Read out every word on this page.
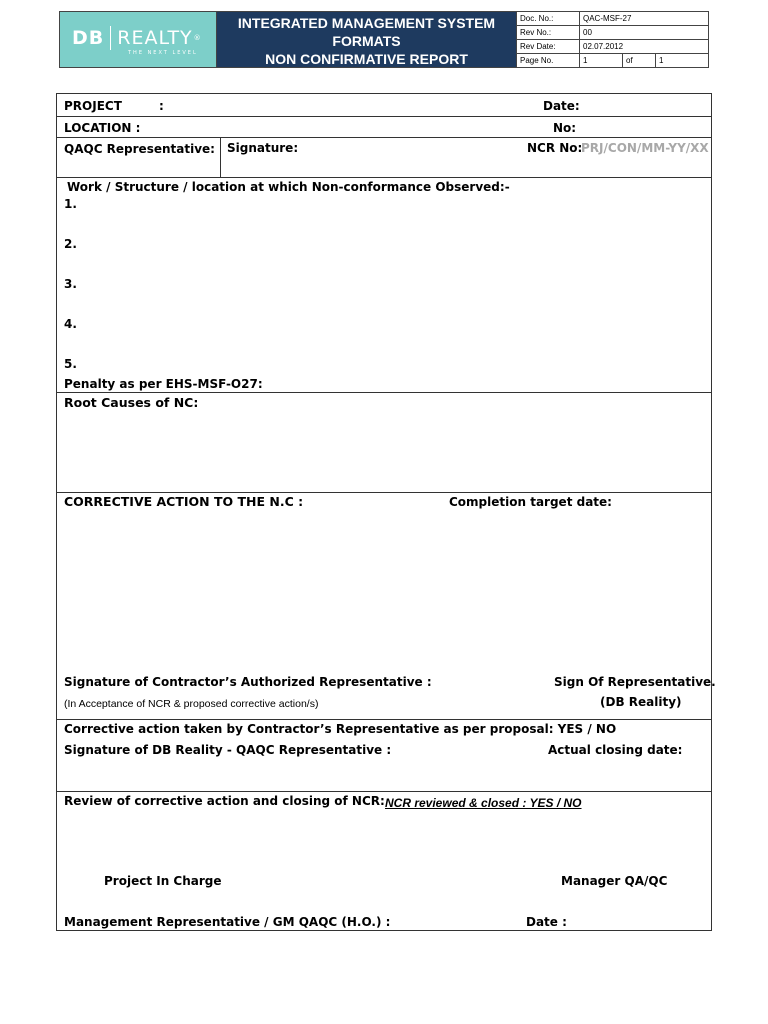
DB REALTY ®
THE NEXT LEVEL
INTEGRATED MANAGEMENT SYSTEM
FORMATS
NON CONFIRMATIVE REPORT
Doc. No.:	QAC-MSF-27		
Rev No.:	00		
Rev Date:	02.07.2012		
Page No.	1	of	1
PROJECT	:	Date:
LOCATION :	No:
QAQC Representative: Signature:	NCR No:
PRJ/CON/MM-YY/XX
Work / Structure / location at which Non-conformance Observed:-
1.
2.
3.
4.
5.
Penalty as per EHS-MSF-O27:
Root Causes of NC:
CORRECTIVE ACTION TO THE N.C :	Completion target date:
Signature of Contractor’s Authorized Representative :	Sign Of Representative.
(In Acceptance of NCR & proposed corrective action/s)	(DB Reality)
Corrective action taken by Contractor’s Representative as per proposal: YES / NO
Signature of DB Reality - QAQC Representative :	Actual closing date:
Review of corrective action and closing of NCR: NCR reviewed & closed : YES / NO
Project In Charge	Manager QA/QC
Management Representative / GM QAQC (H.O.) :	Date :
